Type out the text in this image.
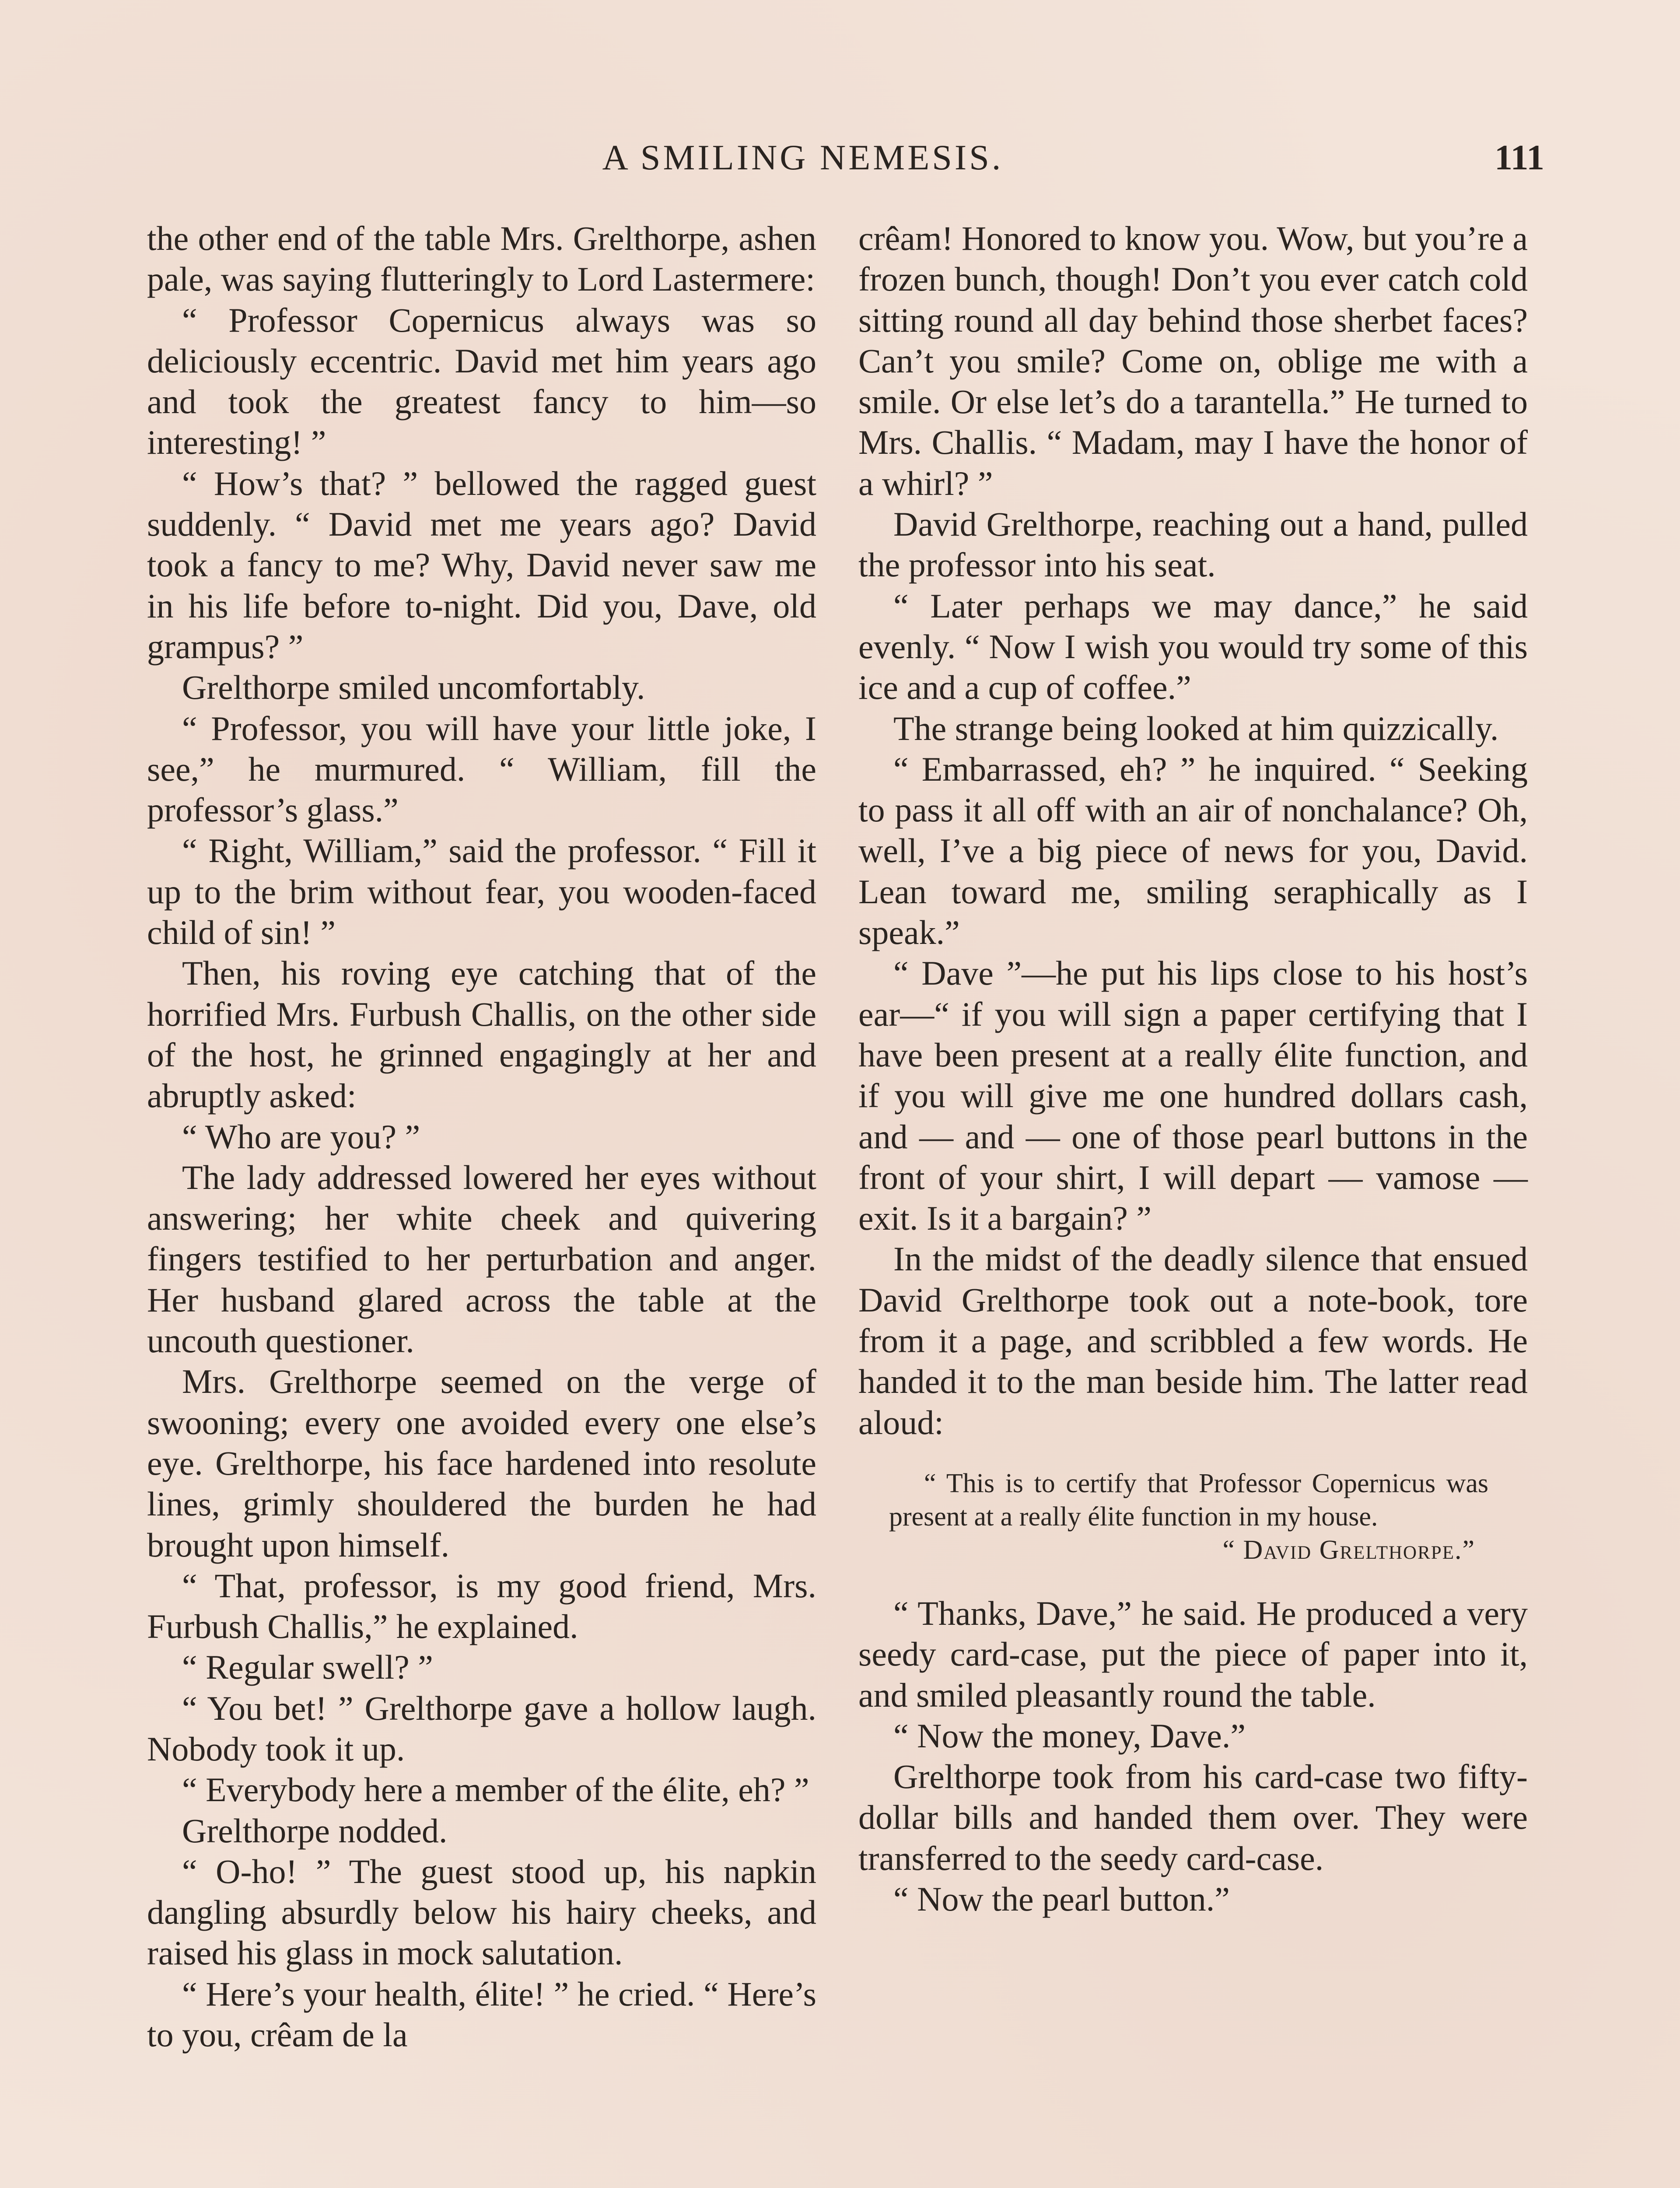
A SMILING NEMESIS.	111

the other end of the table Mrs. Grelthorpe, ashen pale, was saying flutteringly to Lord Lastermere:

“ Professor Copernicus always was so deliciously eccentric. David met him years ago and took the greatest fancy to him—so interesting! ”

“ How’s that? ” bellowed the ragged guest suddenly. “ David met me years ago? David took a fancy to me? Why, David never saw me in his life before to-night. Did you, Dave, old grampus? ”

Grelthorpe smiled uncomfortably.

“ Professor, you will have your little joke, I see,” he murmured. “ William, fill the professor’s glass.”

“ Right, William,” said the professor. “ Fill it up to the brim without fear, you wooden-faced child of sin! ”

Then, his roving eye catching that of the horrified Mrs. Furbush Challis, on the other side of the host, he grinned engagingly at her and abruptly asked:

“ Who are you? ”

The lady addressed lowered her eyes without answering; her white cheek and quivering fingers testified to her perturbation and anger. Her husband glared across the table at the uncouth questioner.

Mrs. Grelthorpe seemed on the verge of swooning; every one avoided every one else’s eye. Grelthorpe, his face hardened into resolute lines, grimly shouldered the burden he had brought upon himself.

“ That, professor, is my good friend, Mrs. Furbush Challis,” he explained.

“ Regular swell? ”

“ You bet! ” Grelthorpe gave a hollow laugh. Nobody took it up.

“ Everybody here a member of the élite, eh? ”

Grelthorpe nodded.

“ O-ho! ” The guest stood up, his napkin dangling absurdly below his hairy cheeks, and raised his glass in mock salutation.

“ Here’s your health, élite! ” he cried. “ Here’s to you, crêam de la

crêam! Honored to know you. Wow, but you’re a frozen bunch, though! Don’t you ever catch cold sitting round all day behind those sherbet faces? Can’t you smile? Come on, oblige me with a smile. Or else let’s do a tarantella.” He turned to Mrs. Challis. “ Madam, may I have the honor of a whirl? ”

David Grelthorpe, reaching out a hand, pulled the professor into his seat.

“ Later perhaps we may dance,” he said evenly. “ Now I wish you would try some of this ice and a cup of coffee.”

The strange being looked at him quizzically.

“ Embarrassed, eh? ” he inquired. “ Seeking to pass it all off with an air of nonchalance? Oh, well, I’ve a big piece of news for you, David. Lean toward me, smiling seraphically as I speak.”

“ Dave ”—he put his lips close to his host’s ear—“ if you will sign a paper certifying that I have been present at a really élite function, and if you will give me one hundred dollars cash, and — and — one of those pearl buttons in the front of your shirt, I will depart — vamose — exit. Is it a bargain? ”

In the midst of the deadly silence that ensued David Grelthorpe took out a note-book, tore from it a page, and scribbled a few words. He handed it to the man beside him. The latter read aloud:

“ This is to certify that Professor Copernicus was present at a really élite function in my house.

“ David Grelthorpe.”

“ Thanks, Dave,” he said. He produced a very seedy card-case, put the piece of paper into it, and smiled pleasantly round the table.

“ Now the money, Dave.”

Grelthorpe took from his card-case two fifty-dollar bills and handed them over. They were transferred to the seedy card-case.

“ Now the pearl button.”
